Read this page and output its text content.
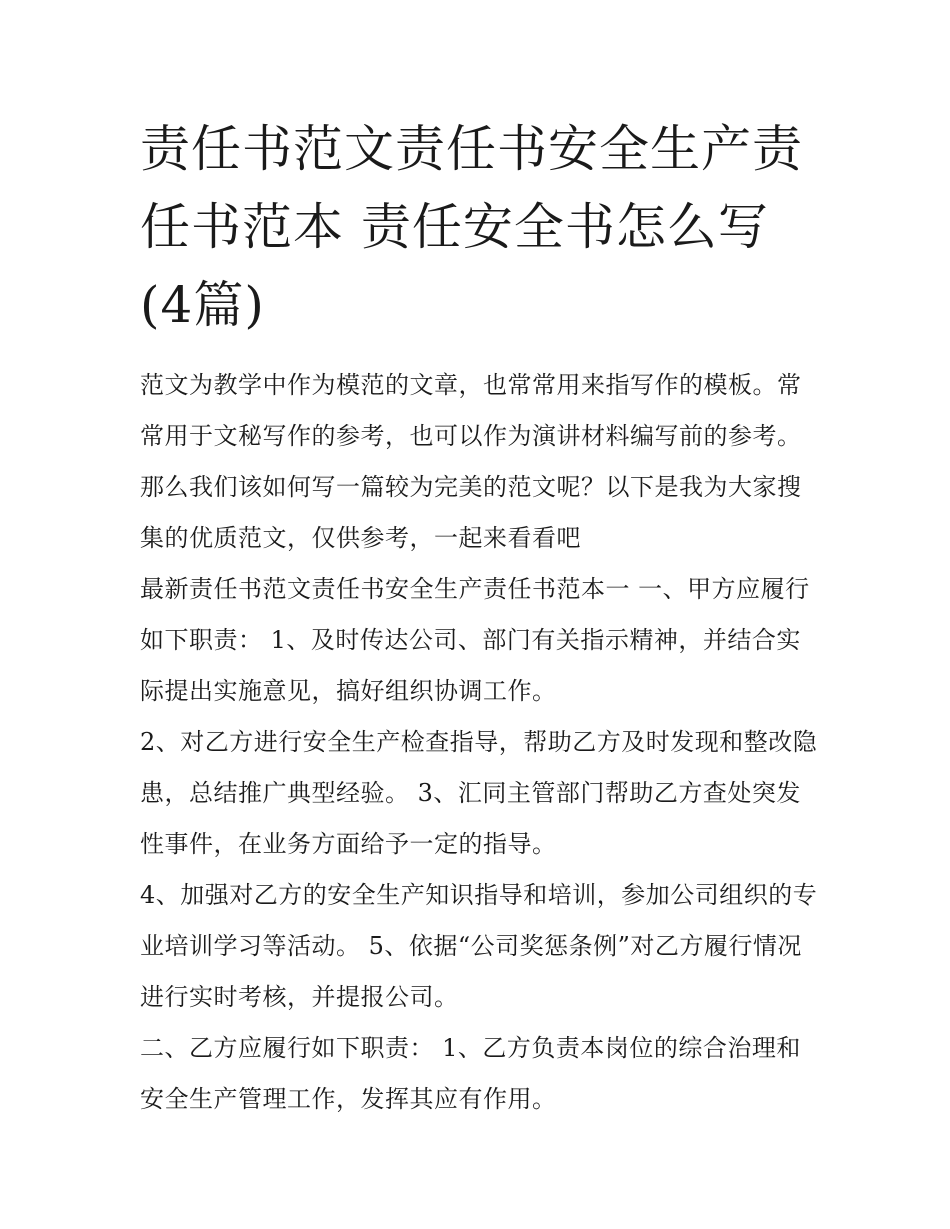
责任书范文责任书安全生产责任书范本 责任安全书怎么写(4篇)

范文为教学中作为模范的文章，也常常用来指写作的模板。常常用于文秘写作的参考，也可以作为演讲材料编写前的参考。那么我们该如何写一篇较为完美的范文呢？以下是我为大家搜集的优质范文，仅供参考，一起来看看吧

最新责任书范文责任书安全生产责任书范本一 一、甲方应履行如下职责： 1、及时传达公司、部门有关指示精神，并结合实际提出实施意见，搞好组织协调工作。

2、对乙方进行安全生产检查指导，帮助乙方及时发现和整改隐患，总结推广典型经验。 3、汇同主管部门帮助乙方查处突发性事件，在业务方面给予一定的指导。

4、加强对乙方的安全生产知识指导和培训，参加公司组织的专业培训学习等活动。 5、依据“公司奖惩条例”对乙方履行情况进行实时考核，并提报公司。

二、乙方应履行如下职责： 1、乙方负责本岗位的综合治理和安全生产管理工作，发挥其应有作用。
